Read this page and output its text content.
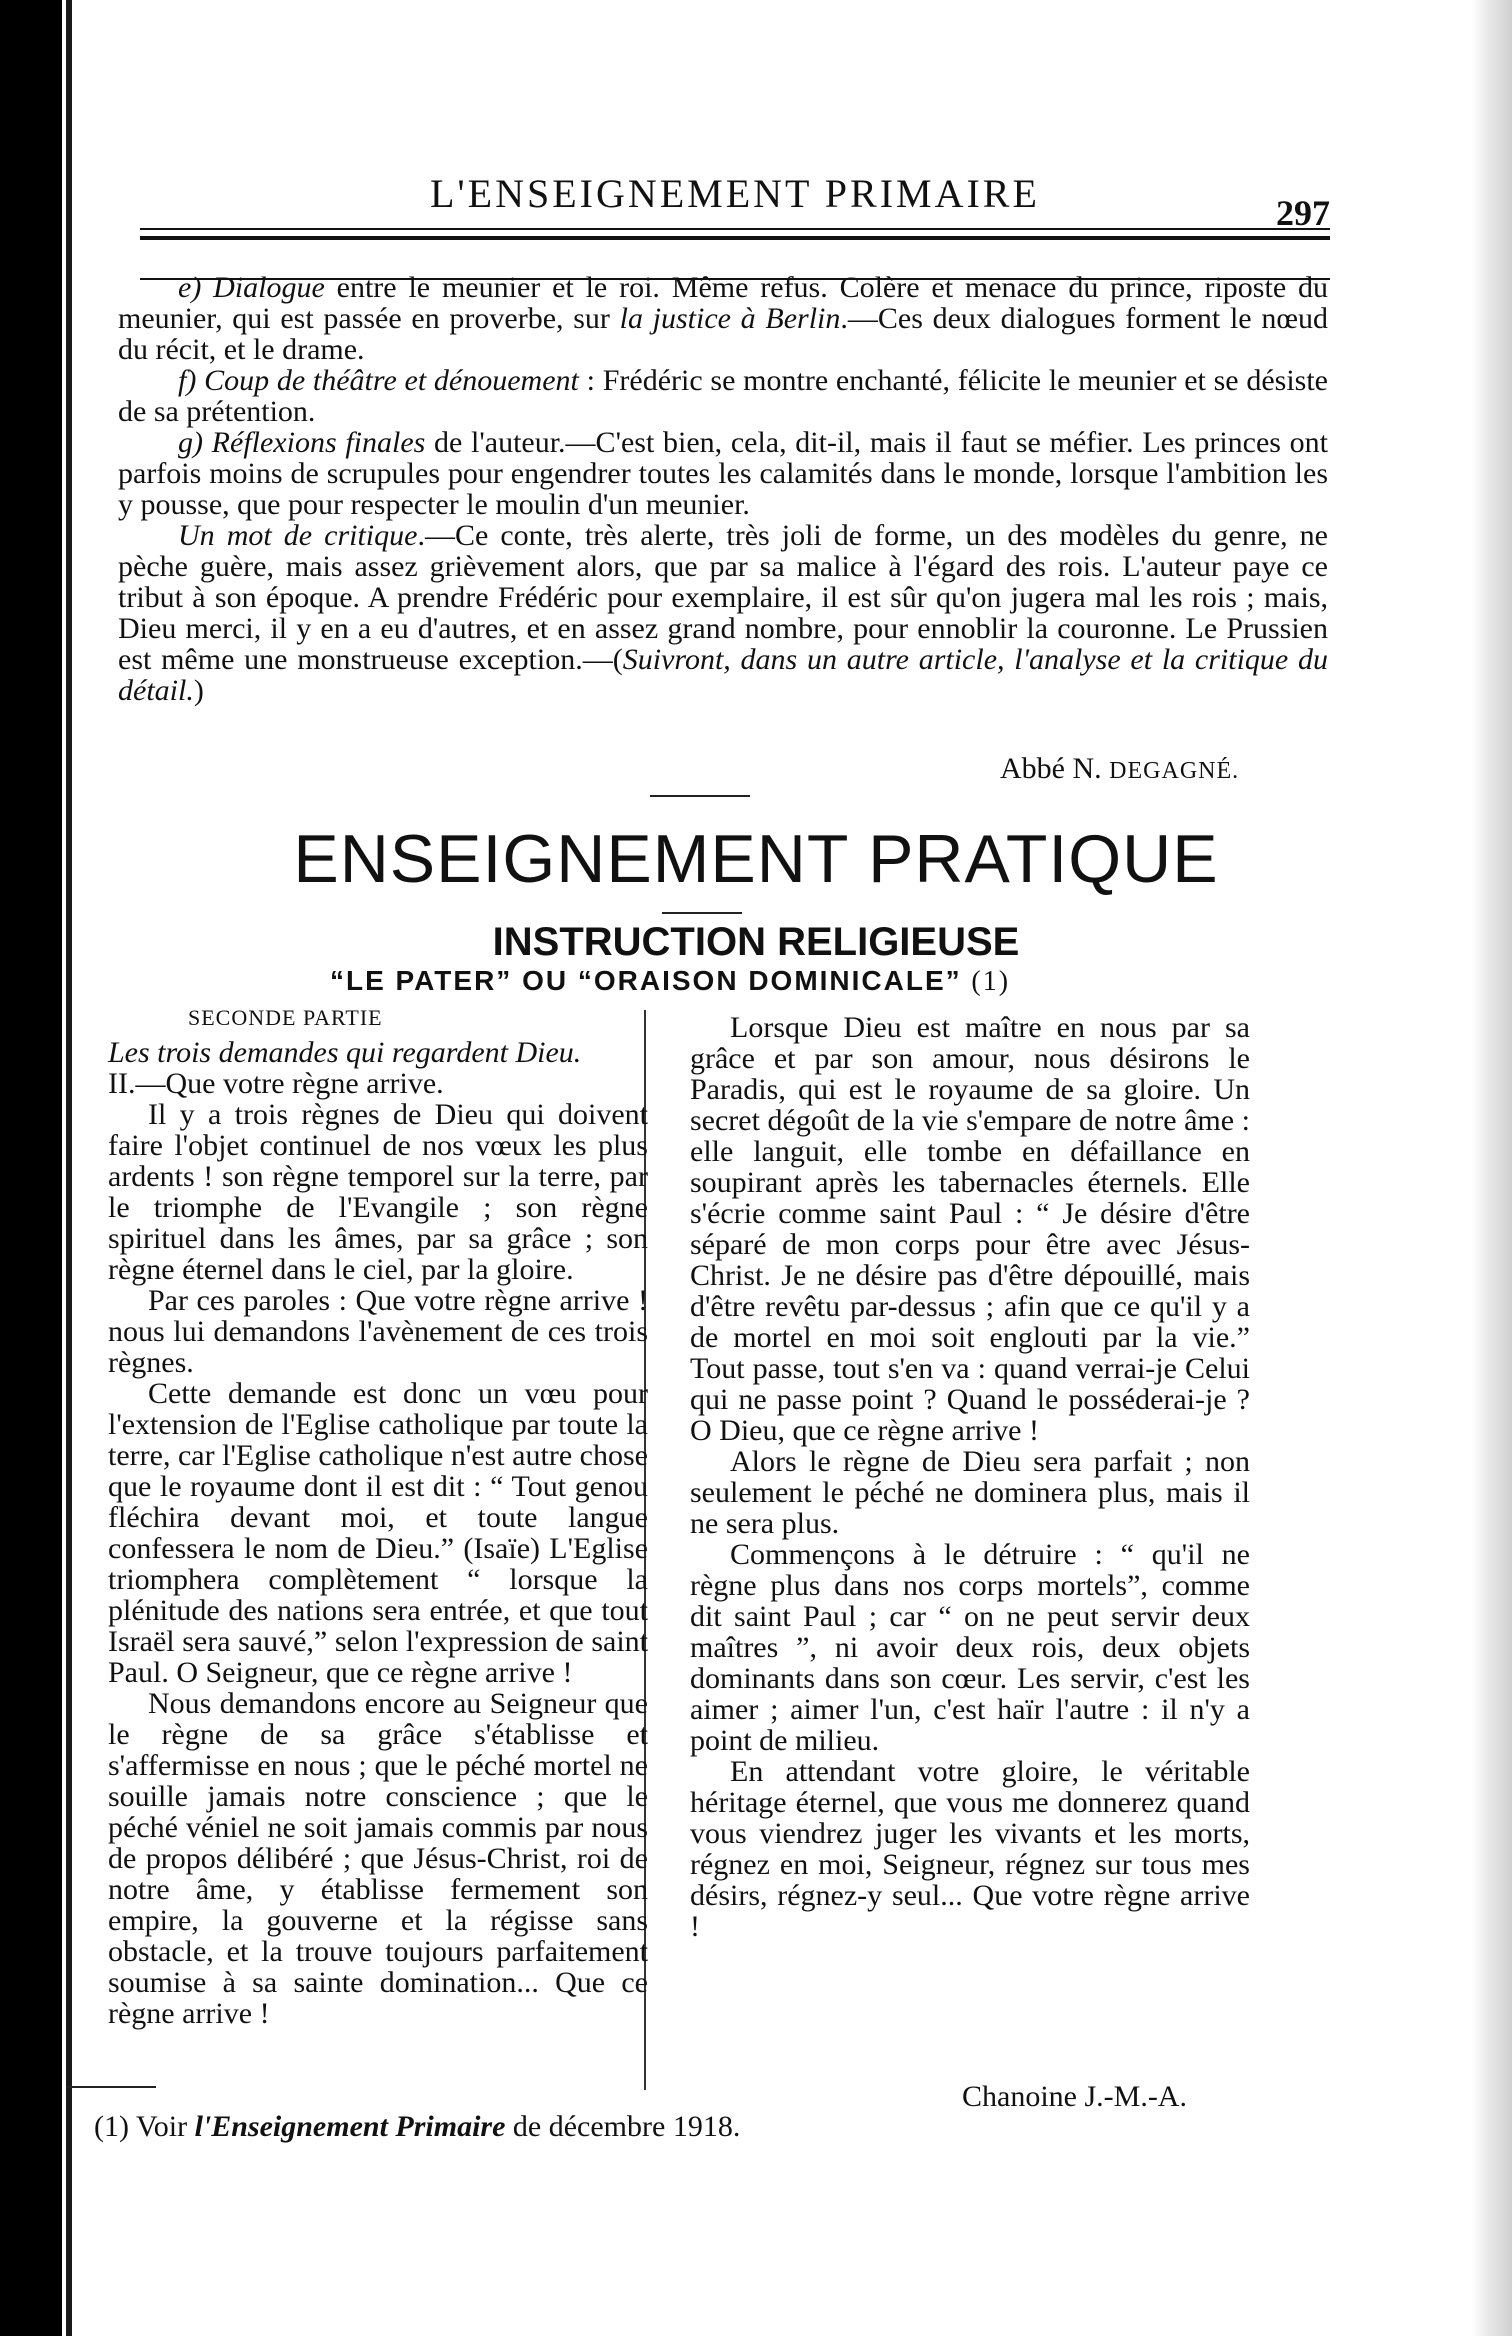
L'ENSEIGNEMENT PRIMAIRE	297

e) Dialogue entre le meunier et le roi. Même refus. Colère et menace du prince, riposte du meunier, qui est passée en proverbe, sur la justice à Berlin.—Ces deux dialogues forment le nœud du récit, et le drame.

f) Coup de théâtre et dénouement : Frédéric se montre enchanté, félicite le meunier et se désiste de sa prétention.

g) Réflexions finales de l'auteur.—C'est bien, cela, dit-il, mais il faut se méfier. Les princes ont parfois moins de scrupules pour engendrer toutes les calamités dans le monde, lorsque l'ambition les y pousse, que pour respecter le moulin d'un meunier.

Un mot de critique.—Ce conte, très alerte, très joli de forme, un des modèles du genre, ne pèche guère, mais assez grièvement alors, que par sa malice à l'égard des rois. L'auteur paye ce tribut à son époque. A prendre Frédéric pour exemplaire, il est sûr qu'on jugera mal les rois ; mais, Dieu merci, il y en a eu d'autres, et en assez grand nombre, pour ennoblir la couronne. Le Prussien est même une monstrueuse exception.—(Suivront, dans un autre article, l'analyse et la critique du détail.)

Abbé N. DEGAGNÉ.
ENSEIGNEMENT PRATIQUE
INSTRUCTION RELIGIEUSE
“LE PATER” OU “ORAISON DOMINICALE” (1)
SECONDE PARTIE

Les trois demandes qui regardent Dieu.

II.—Que votre règne arrive.

Il y a trois règnes de Dieu qui doivent faire l'objet continuel de nos vœux les plus ardents ! son règne temporel sur la terre, par le triomphe de l'Evangile ; son règne spirituel dans les âmes, par sa grâce ; son règne éternel dans le ciel, par la gloire.

Par ces paroles : Que votre règne arrive ! nous lui demandons l'avènement de ces trois règnes.

Cette demande est donc un vœu pour l'extension de l'Eglise catholique par toute la terre, car l'Eglise catholique n'est autre chose que le royaume dont il est dit : “ Tout genou fléchira devant moi, et toute langue confessera le nom de Dieu.” (Isaïe) L'Eglise triomphera complètement “ lorsque la plénitude des nations sera entrée, et que tout Israël sera sauvé,” selon l'expression de saint Paul. O Seigneur, que ce règne arrive !

Nous demandons encore au Seigneur que le règne de sa grâce s'établisse et s'affermisse en nous ; que le péché mortel ne souille jamais notre conscience ; que le péché véniel ne soit jamais commis par nous de propos délibéré ; que Jésus-Christ, roi de notre âme, y établisse fermement son empire, la gouverne et la régisse sans obstacle, et la trouve toujours parfaitement soumise à sa sainte domination... Que ce règne arrive !

Lorsque Dieu est maître en nous par sa grâce et par son amour, nous désirons le Paradis, qui est le royaume de sa gloire. Un secret dégoût de la vie s'empare de notre âme : elle languit, elle tombe en défaillance en soupirant après les tabernacles éternels. Elle s'écrie comme saint Paul : “ Je désire d'être séparé de mon corps pour être avec Jésus-Christ. Je ne désire pas d'être dépouillé, mais d'être revêtu par-dessus ; afin que ce qu'il y a de mortel en moi soit englouti par la vie.” Tout passe, tout s'en va : quand verrai-je Celui qui ne passe point ? Quand le posséderai-je ? O Dieu, que ce règne arrive !

Alors le règne de Dieu sera parfait ; non seulement le péché ne dominera plus, mais il ne sera plus.

Commençons à le détruire : “ qu'il ne règne plus dans nos corps mortels”, comme dit saint Paul ; car “ on ne peut servir deux maîtres ”, ni avoir deux rois, deux objets dominants dans son cœur. Les servir, c'est les aimer ; aimer l'un, c'est haïr l'autre : il n'y a point de milieu.

En attendant votre gloire, le véritable héritage éternel, que vous me donnerez quand vous viendrez juger les vivants et les morts, régnez en moi, Seigneur, régnez sur tous mes désirs, régnez-y seul... Que votre règne arrive !

Chanoine J.-M.-A.
(1) Voir l'Enseignement Primaire de décembre 1918.
